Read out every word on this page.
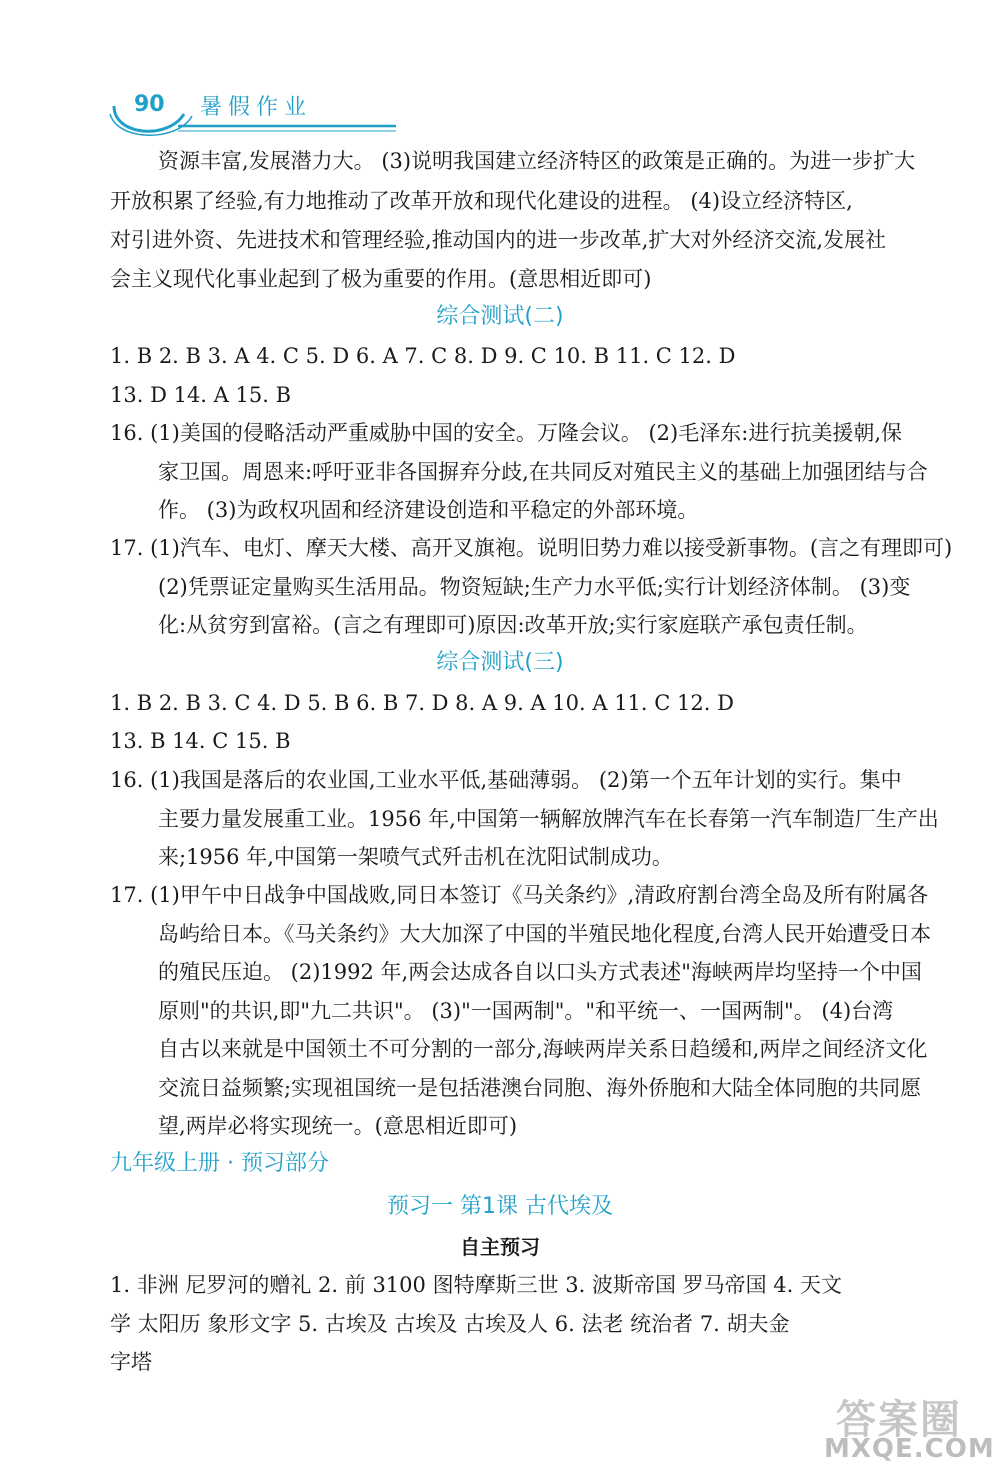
90 暑假作业
资源丰富,发展潜力大。 (3)说明我国建立经济特区的政策是正确的。为进一步扩大
开放积累了经验,有力地推动了改革开放和现代化建设的进程。 (4)设立经济特区,
对引进外资、先进技术和管理经验,推动国内的进一步改革,扩大对外经济交流,发展社
会主义现代化事业起到了极为重要的作用。(意思相近即可)
综合测试(二)
1. B 2. B 3. A 4. C 5. D 6. A 7. C 8. D 9. C 10. B 11. C 12. D
13. D 14. A 15. B
16. (1)美国的侵略活动严重威胁中国的安全。万隆会议。 (2)毛泽东:进行抗美援朝,保
家卫国。周恩来:呼吁亚非各国摒弃分歧,在共同反对殖民主义的基础上加强团结与合
作。 (3)为政权巩固和经济建设创造和平稳定的外部环境。
17. (1)汽车、电灯、摩天大楼、高开叉旗袍。说明旧势力难以接受新事物。(言之有理即可)
(2)凭票证定量购买生活用品。物资短缺;生产力水平低;实行计划经济体制。 (3)变
化:从贫穷到富裕。(言之有理即可)原因:改革开放;实行家庭联产承包责任制。
综合测试(三)
1. B 2. B 3. C 4. D 5. B 6. B 7. D 8. A 9. A 10. A 11. C 12. D
13. B 14. C 15. B
16. (1)我国是落后的农业国,工业水平低,基础薄弱。 (2)第一个五年计划的实行。集中
主要力量发展重工业。1956 年,中国第一辆解放牌汽车在长春第一汽车制造厂生产出
来;1956 年,中国第一架喷气式歼击机在沈阳试制成功。
17. (1)甲午中日战争中国战败,同日本签订《马关条约》,清政府割台湾全岛及所有附属各
岛屿给日本。《马关条约》大大加深了中国的半殖民地化程度,台湾人民开始遭受日本
的殖民压迫。 (2)1992 年,两会达成各自以口头方式表述"海峡两岸均坚持一个中国
原则"的共识,即"九二共识"。 (3)"一国两制"。"和平统一、一国两制"。 (4)台湾
自古以来就是中国领土不可分割的一部分,海峡两岸关系日趋缓和,两岸之间经济文化
交流日益频繁;实现祖国统一是包括港澳台同胞、海外侨胞和大陆全体同胞的共同愿
望,两岸必将实现统一。(意思相近即可)
九年级上册 · 预习部分
预习一 第1课 古代埃及
自主预习
1. 非洲 尼罗河的赠礼 2. 前 3100 图特摩斯三世 3. 波斯帝国 罗马帝国 4. 天文
学 太阳历 象形文字 5. 古埃及 古埃及 古埃及人 6. 法老 统治者 7. 胡夫金
字塔
答案圈
MXQE.COM
